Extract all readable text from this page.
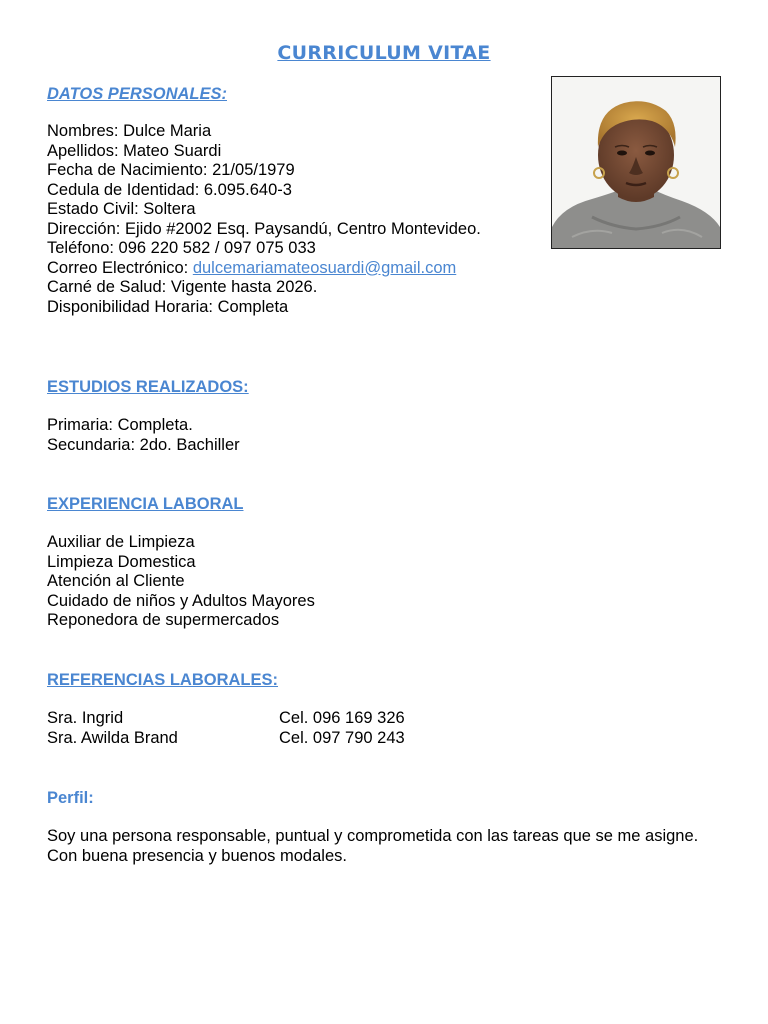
CURRICULUM VITAE
DATOS PERSONALES:
Nombres: Dulce Maria
Apellidos: Mateo Suardi
Fecha de Nacimiento: 21/05/1979
Cedula de Identidad: 6.095.640-3
Estado Civil: Soltera
Dirección: Ejido #2002 Esq. Paysandú, Centro Montevideo.
Teléfono: 096 220 582 / 097 075 033
Correo Electrónico: dulcemariamateosuardi@gmail.com
Carné de Salud: Vigente hasta 2026.
Disponibilidad Horaria: Completa
ESTUDIOS REALIZADOS:
Primaria: Completa.
Secundaria: 2do. Bachiller
EXPERIENCIA LABORAL
Auxiliar de Limpieza
Limpieza Domestica
Atención al Cliente
Cuidado de niños y Adultos Mayores
Reponedora de supermercados
REFERENCIAS LABORALES:
Sra. Ingrid	Cel. 096 169 326
Sra. Awilda Brand	Cel. 097 790 243
Perfil:
Soy una persona responsable, puntual y comprometida con las tareas que se me asigne.
Con buena presencia y buenos modales.
